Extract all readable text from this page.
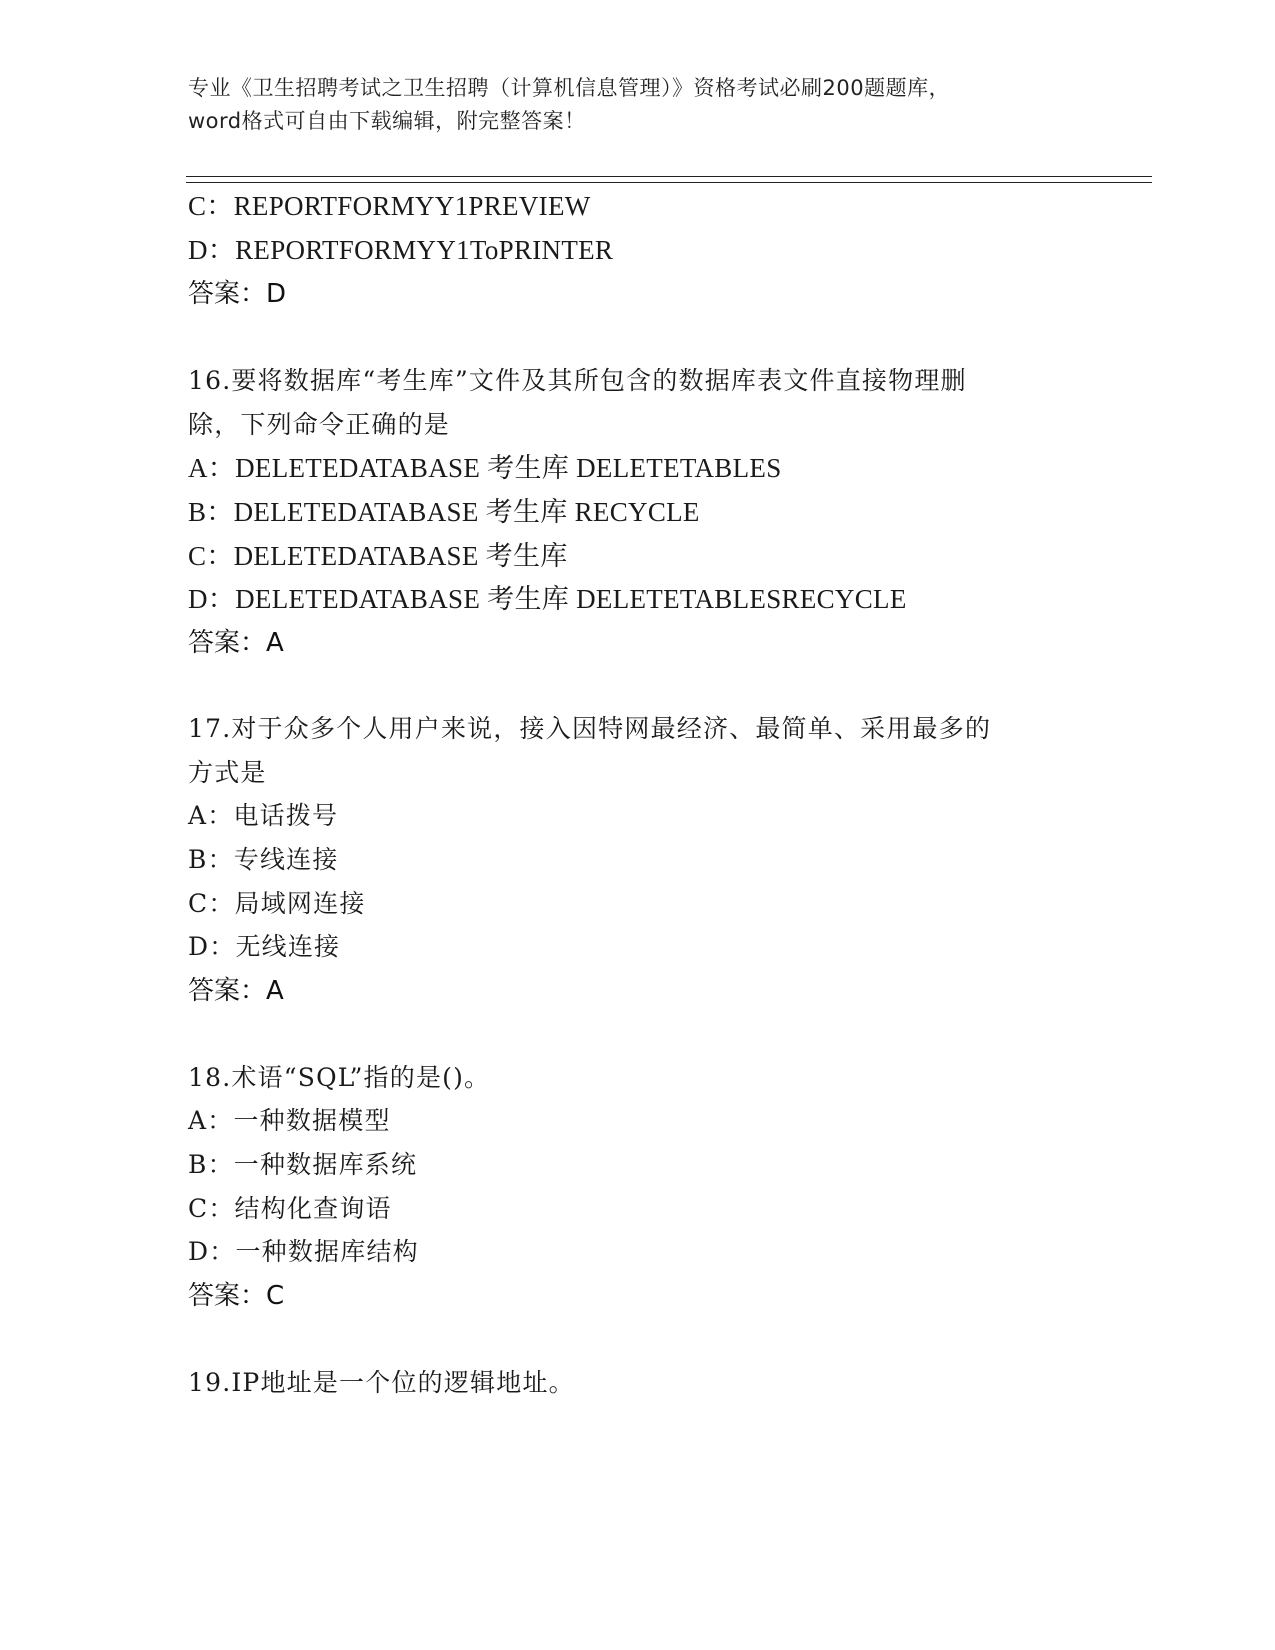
专业《卫生招聘考试之卫生招聘（计算机信息管理）》资格考试必刷200题题库，
word格式可自由下载编辑，附完整答案！
C：REPORTFORMYY1PREVIEW
D：REPORTFORMYY1ToPRINTER
答案：D
16.要将数据库“考生库”文件及其所包含的数据库表文件直接物理删
除，下列命令正确的是
A：DELETEDATABASE 考生库 DELETETABLES
B：DELETEDATABASE 考生库 RECYCLE
C：DELETEDATABASE 考生库
D：DELETEDATABASE 考生库 DELETETABLESRECYCLE
答案：A
17.对于众多个人用户来说，接入因特网最经济、最简单、采用最多的
方式是
A：电话拨号
B：专线连接
C：局域网连接
D：无线连接
答案：A
18.术语“SQL”指的是()。
A：一种数据模型
B：一种数据库系统
C：结构化查询语
D：一种数据库结构
答案：C
19.IP地址是一个位的逻辑地址。
